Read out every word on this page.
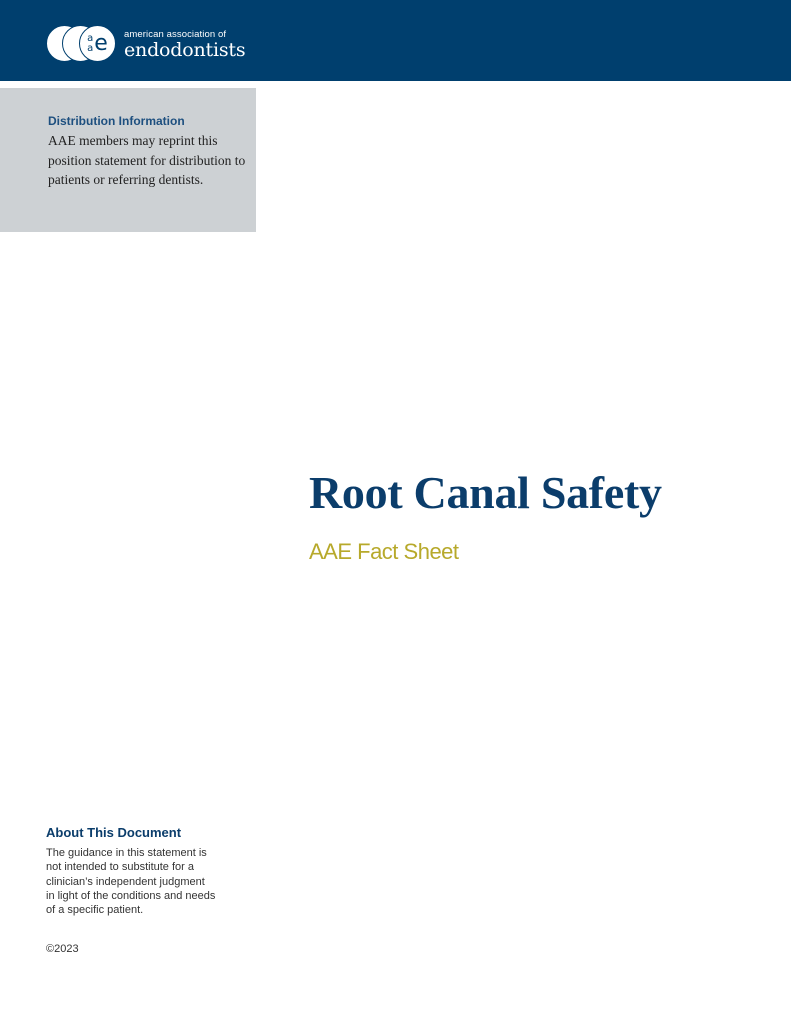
a
a e american association of
endodontists
Distribution Information
AAE members may reprint this position statement for distribution to patients or referring dentists.
Root Canal Safety
AAE Fact Sheet
About This Document
The guidance in this statement is not intended to substitute for a clinician’s independent judgment in light of the conditions and needs of a specific patient.
©2023
